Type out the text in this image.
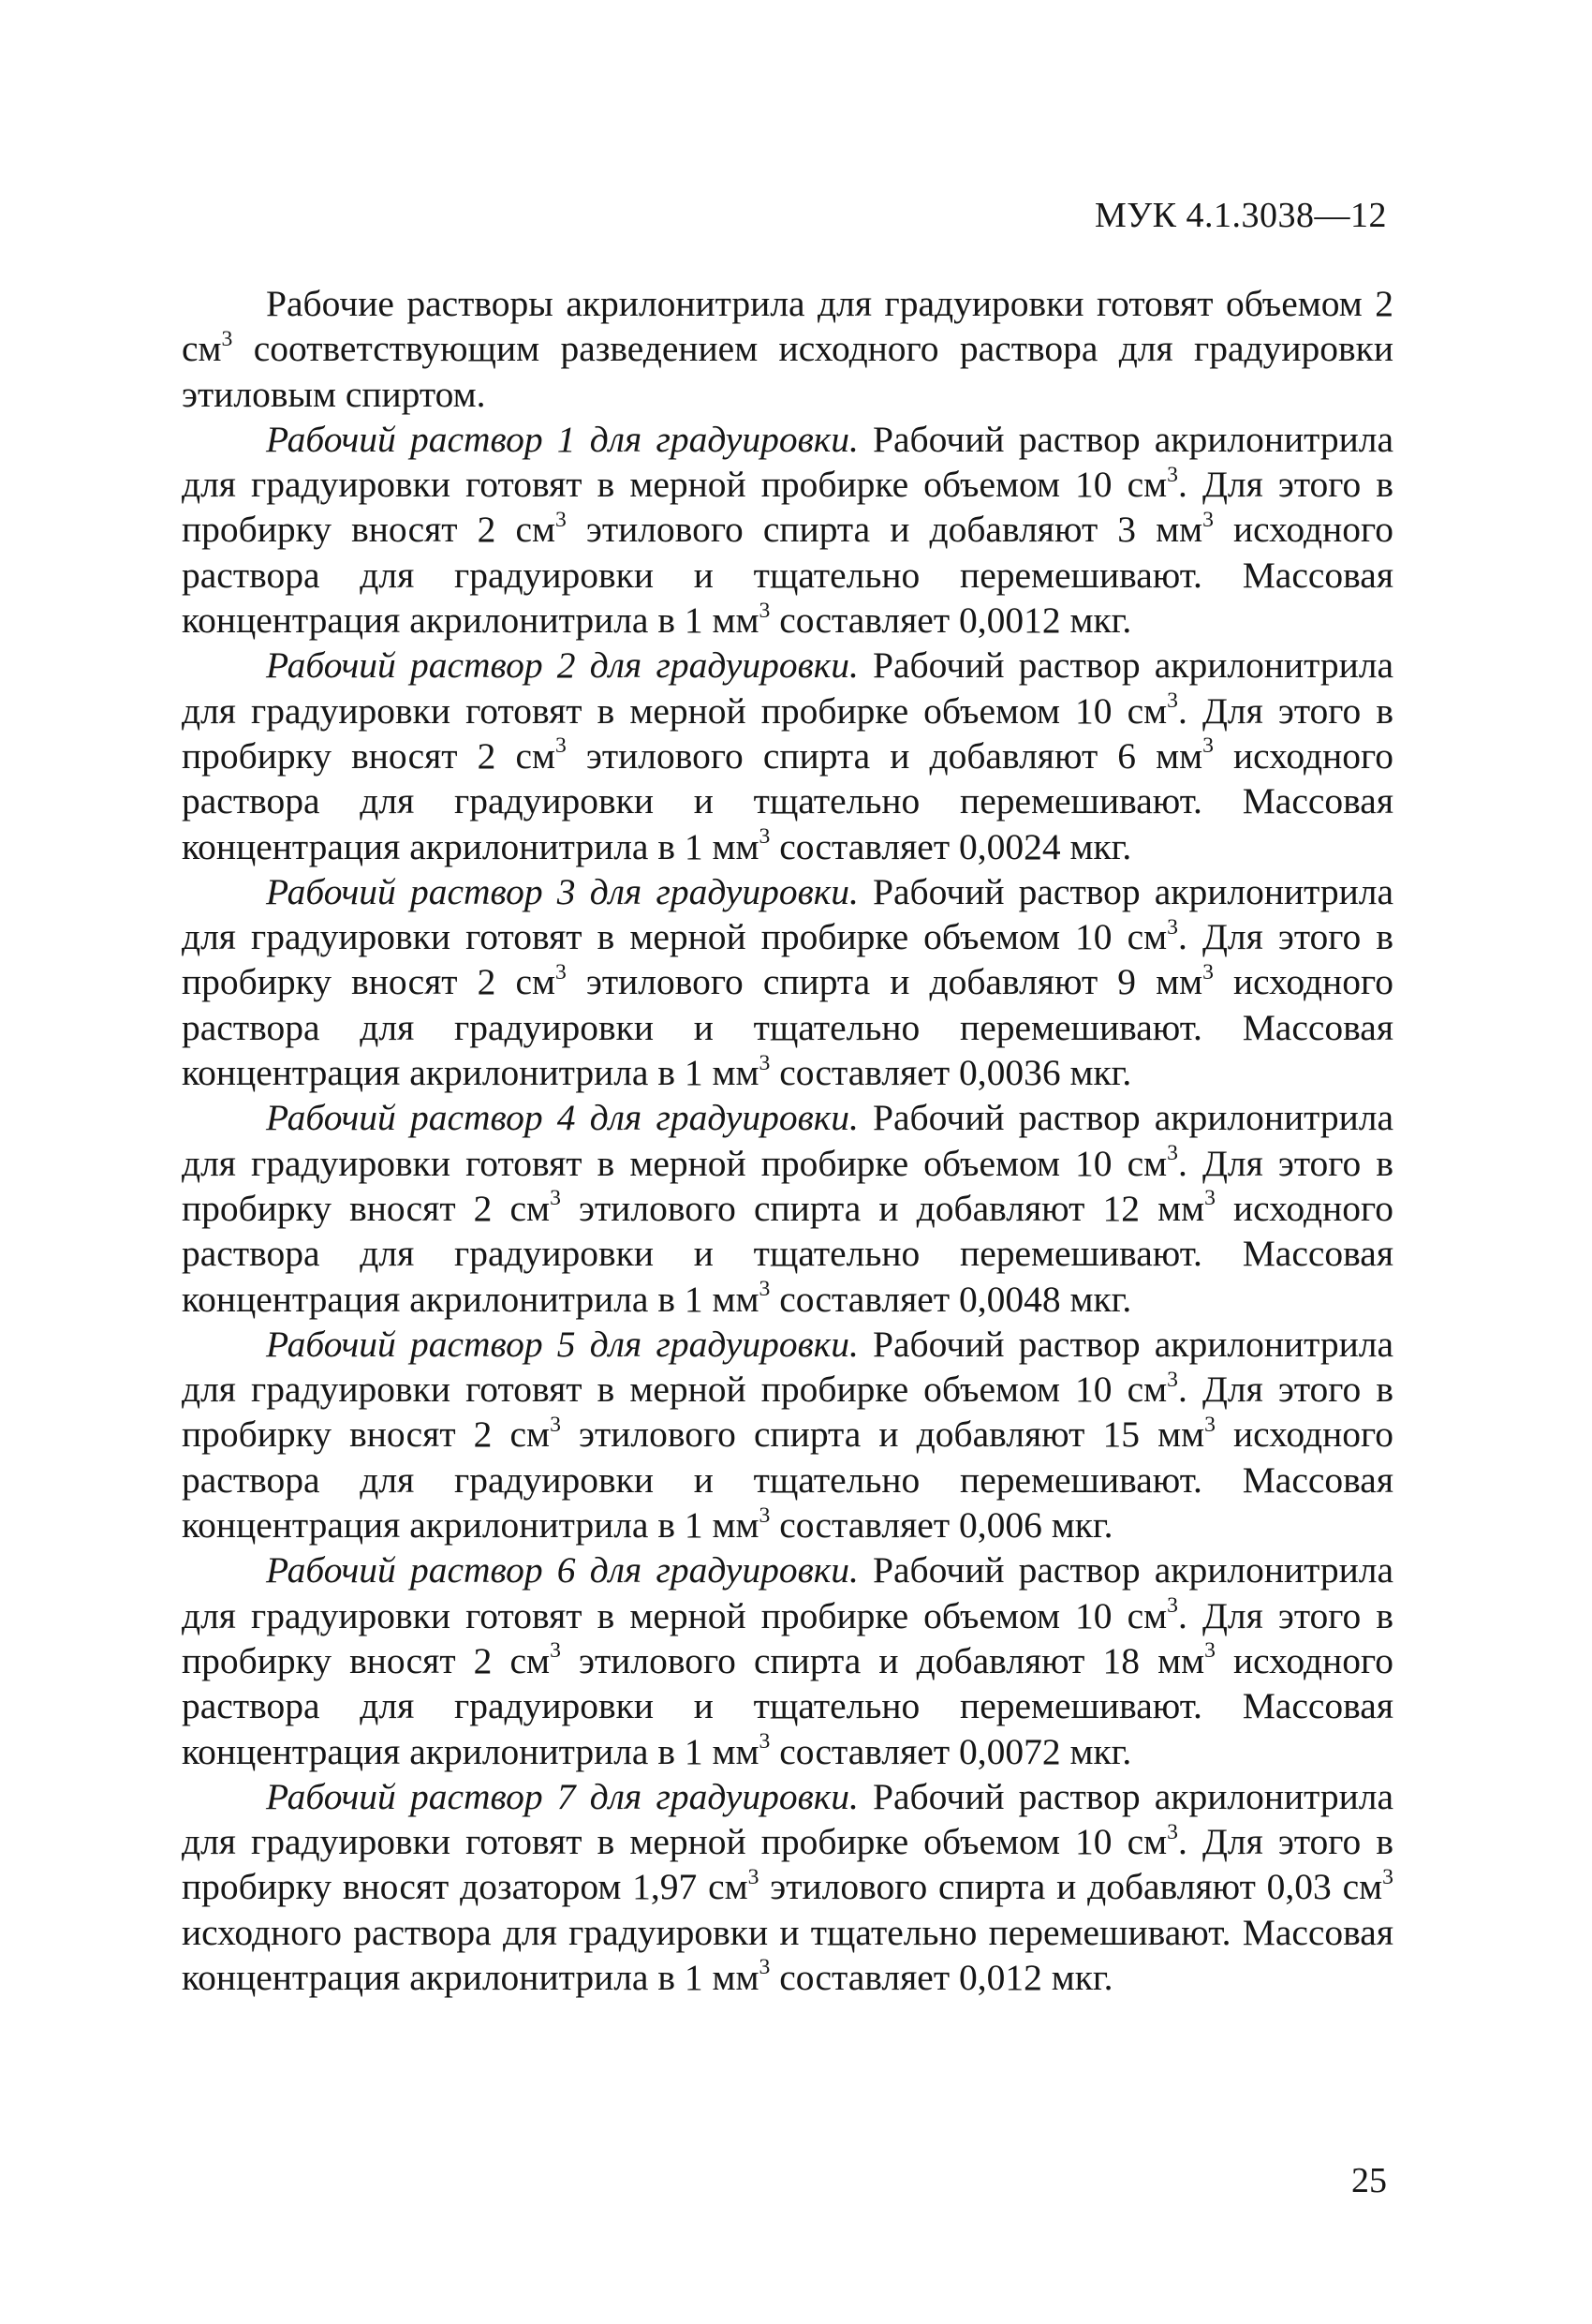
МУК 4.1.3038—12

Рабочие растворы акрилонитрила для градуировки готовят объемом 2 $см^3$ соответствующим разведением исходного раствора для градуировки этиловым спиртом.

Рабочий раствор 1 для градуировки. Рабочий раствор акрилонитрила для градуировки готовят в мерной пробирке объемом 10 $см^3$. Для этого в пробирку вносят 2 $см^3$ этилового спирта и добавляют 3 $мм^3$ исходного раствора для градуировки и тщательно перемешивают. Массовая концентрация акрилонитрила в 1 $мм^3$ составляет 0,0012 мкг.

Рабочий раствор 2 для градуировки. Рабочий раствор акрилонитрила для градуировки готовят в мерной пробирке объемом 10 $см^3$. Для этого в пробирку вносят 2 $см^3$ этилового спирта и добавляют 6 $мм^3$ исходного раствора для градуировки и тщательно перемешивают. Массовая концентрация акрилонитрила в 1 $мм^3$ составляет 0,0024 мкг.

Рабочий раствор 3 для градуировки. Рабочий раствор акрилонитрила для градуировки готовят в мерной пробирке объемом 10 $см^3$. Для этого в пробирку вносят 2 $см^3$ этилового спирта и добавляют 9 $мм^3$ исходного раствора для градуировки и тщательно перемешивают. Массовая концентрация акрилонитрила в 1 $мм^3$ составляет 0,0036 мкг.

Рабочий раствор 4 для градуировки. Рабочий раствор акрилонитрила для градуировки готовят в мерной пробирке объемом 10 $см^3$. Для этого в пробирку вносят 2 $см^3$ этилового спирта и добавляют 12 $мм^3$ исходного раствора для градуировки и тщательно перемешивают. Массовая концентрация акрилонитрила в 1 $мм^3$ составляет 0,0048 мкг.

Рабочий раствор 5 для градуировки. Рабочий раствор акрилонитрила для градуировки готовят в мерной пробирке объемом 10 $см^3$. Для этого в пробирку вносят 2 $см^3$ этилового спирта и добавляют 15 $мм^3$ исходного раствора для градуировки и тщательно перемешивают. Массовая концентрация акрилонитрила в 1 $мм^3$ составляет 0,006 мкг.

Рабочий раствор 6 для градуировки. Рабочий раствор акрилонитрила для градуировки готовят в мерной пробирке объемом 10 $см^3$. Для этого в пробирку вносят 2 $см^3$ этилового спирта и добавляют 18 $мм^3$ исходного раствора для градуировки и тщательно перемешивают. Массовая концентрация акрилонитрила в 1 $мм^3$ составляет 0,0072 мкг.

Рабочий раствор 7 для градуировки. Рабочий раствор акрилонитрила для градуировки готовят в мерной пробирке объемом 10 $см^3$. Для этого в пробирку вносят дозатором 1,97 $см^3$ этилового спирта и добавляют 0,03 $см^3$ исходного раствора для градуировки и тщательно перемешивают. Массовая концентрация акрилонитрила в 1 $мм^3$ составляет 0,012 мкг.

25
